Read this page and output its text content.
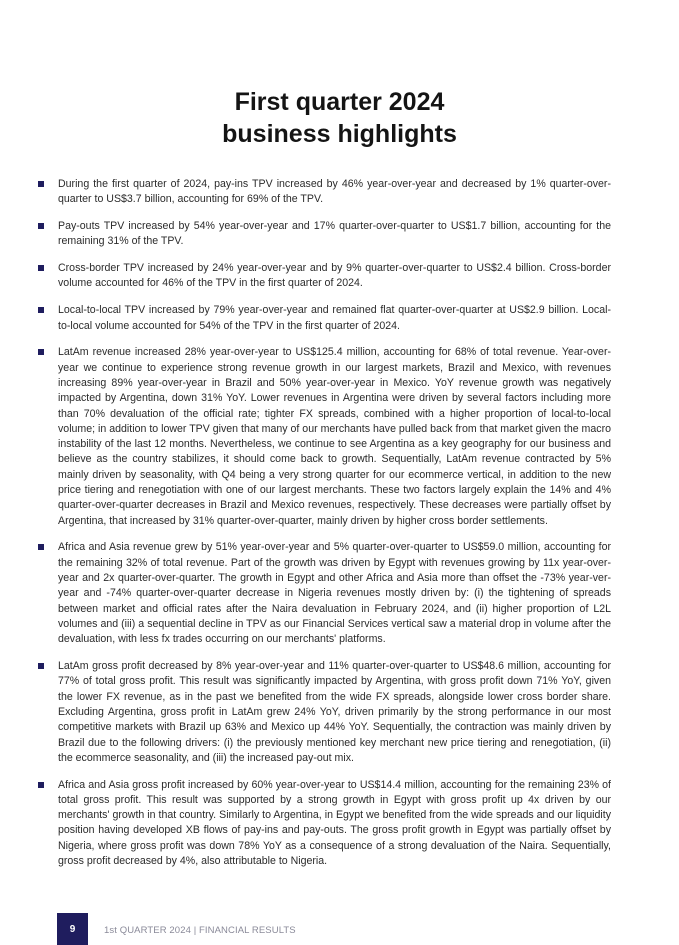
First quarter 2024
business highlights
During the first quarter of 2024, pay-ins TPV increased by 46% year-over-year and decreased by 1% quarter-over-quarter to US$3.7 billion, accounting for 69% of the TPV.
Pay-outs TPV increased by 54% year-over-year and 17% quarter-over-quarter to US$1.7 billion, accounting for the remaining 31% of the TPV.
Cross-border TPV increased by 24% year-over-year and by 9% quarter-over-quarter to US$2.4 billion. Cross-border volume accounted for 46% of the TPV in the first quarter of 2024.
Local-to-local TPV increased by 79% year-over-year and remained flat quarter-over-quarter at US$2.9 billion. Local-to-local volume accounted for 54% of the TPV in the first quarter of 2024.
LatAm revenue increased 28% year-over-year to US$125.4 million, accounting for 68% of total revenue. Year-over-year we continue to experience strong revenue growth in our largest markets, Brazil and Mexico, with revenues increasing 89% year-over-year in Brazil and 50% year-over-year in Mexico. YoY revenue growth was negatively impacted by Argentina, down 31% YoY. Lower revenues in Argentina were driven by several factors including more than 70% devaluation of the official rate; tighter FX spreads, combined with a higher proportion of local-to-local volume; in addition to lower TPV given that many of our merchants have pulled back from that market given the macro instability of the last 12 months. Nevertheless, we continue to see Argentina as a key geography for our business and believe as the country stabilizes, it should come back to growth. Sequentially, LatAm revenue contracted by 5% mainly driven by seasonality, with Q4 being a very strong quarter for our ecommerce vertical, in addition to the new price tiering and renegotiation with one of our largest merchants. These two factors largely explain the 14% and 4% quarter-over-quarter decreases in Brazil and Mexico revenues, respectively. These decreases were partially offset by Argentina, that increased by 31% quarter-over-quarter, mainly driven by higher cross border settlements.
Africa and Asia revenue grew by 51% year-over-year and 5% quarter-over-quarter to US$59.0 million, accounting for the remaining 32% of total revenue. Part of the growth was driven by Egypt with revenues growing by 11x year-over-year and 2x quarter-over-quarter. The growth in Egypt and other Africa and Asia more than offset the -73% year-ver-year and -74% quarter-over-quarter decrease in Nigeria revenues mostly driven by: (i) the tightening of spreads between market and official rates after the Naira devaluation in February 2024, and (ii) higher proportion of L2L volumes and (iii) a sequential decline in TPV as our Financial Services vertical saw a material drop in volume after the devaluation, with less fx trades occurring on our merchants' platforms.
LatAm gross profit decreased by 8% year-over-year and 11% quarter-over-quarter to US$48.6 million, accounting for 77% of total gross profit. This result was significantly impacted by Argentina, with gross profit down 71% YoY, given the lower FX revenue, as in the past we benefited from the wide FX spreads, alongside lower cross border share. Excluding Argentina, gross profit in LatAm grew 24% YoY, driven primarily by the strong performance in our most competitive markets with Brazil up 63% and Mexico up 44% YoY. Sequentially, the contraction was mainly driven by Brazil due to the following drivers: (i) the previously mentioned key merchant new price tiering and renegotiation, (ii) the ecommerce seasonality, and (iii) the increased pay-out mix.
Africa and Asia gross profit increased by 60% year-over-year to US$14.4 million, accounting for the remaining 23% of total gross profit. This result was supported by a strong growth in Egypt with gross profit up 4x driven by our merchants' growth in that country. Similarly to Argentina, in Egypt we benefited from the wide spreads and our liquidity position having developed XB flows of pay-ins and pay-outs. The gross profit growth in Egypt was partially offset by Nigeria, where gross profit was down 78% YoY as a consequence of a strong devaluation of the Naira. Sequentially, gross profit decreased by 4%, also attributable to Nigeria.
9	1st QUARTER 2024 | FINANCIAL RESULTS
